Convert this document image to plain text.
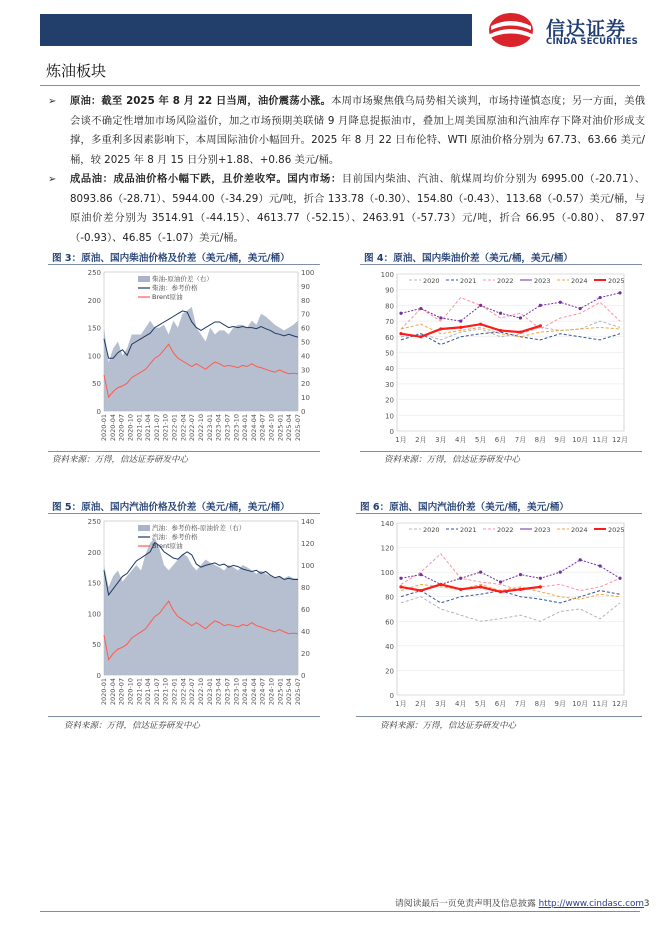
信达证券
CINDA SECURITIES
炼油板块
➢ 原油：截至 2025 年 8 月 22 日当周，油价震荡小涨。本周市场聚焦俄乌局势相关谈判，市场持谨慎态度；另一方面，美俄会谈不确定性增加市场风险溢价，加之市场预期美联储 9 月降息提振油市，叠加上周美国原油和汽油库存下降对油价形成支撑，多重利多因素影响下，本周国际油价小幅回升。2025 年 8 月 22 日布伦特、WTI 原油价格分别为 67.73、63.66 美元/桶，较 2025 年 8 月 15 日分别+1.88、+0.86 美元/桶。
➢ 成品油：成品油价格小幅下跌，且价差收窄。国内市场：目前国内柴油、汽油、航煤周均价分别为 6995.00（-20.71）、8093.86（-28.71）、5944.00（-34.29）元/吨，折合 133.78（-0.30）、154.80（-0.43）、113.68（-0.57）美元/桶，与原油价差分别为 3514.91（-44.15）、4613.77（-52.15）、2463.91（-57.73）元/吨，折合 66.95（-0.80）、 87.97（-0.93）、46.85（-1.07）美元/桶。
图 3：原油、国内柴油价格及价差（美元/桶，美元/桶）	图 4：原油、国内柴油价差（美元/桶，美元/桶）
0
50
100
150
200
250
0
10
20
30
40
50
60
70
80
90
100
柴油-原油价差（右）
柴油：参考价格
Brent原油
2020-01 2020-04 2020-07 2020-10 2021-01 2021-04 2021-07 2021-10 2022-01 2022-04 2022-07 2022-10 2023-01 2023-04 2023-07 2023-10 2024-01 2024-04 2024-07 2024-10 2025-01 2025-04 2025-07	0
10
20
30
40
50
60
70
80
90
100
1月 2月 3月 4月 5月 6月 7月 8月 9月 10月 11月 12月
2020	2021	2022	2023	2024	2025
资料来源：万得，信达证券研发中心	资料来源：万得，信达证券研发中心
图 5：原油、国内汽油价格及价差（美元/桶，美元/桶）	图 6：原油、国内汽油价差（美元/桶，美元/桶）
0
50
100
150
200
250
0
20
40
60
80
100
120
140
汽油：参考价格-原油价差（右）
汽油：参考价格
Brent原油
2020-01 2020-04 2020-07 2020-10 2021-01 2021-04 2021-07 2021-10 2022-01 2022-04 2022-07 2022-10 2023-01 2023-04 2023-07 2023-10 2024-01 2024-04 2024-07 2024-10 2025-01 2025-04 2025-07	0
20
40
60
80
100
120
140
1月 2月 3月 4月 5月 6月 7月 8月 9月 10月 11月 12月
2020	2021	2022	2023	2024	2025
资料来源：万得，信达证券研发中心	资料来源：万得，信达证券研发中心
请阅读最后一页免责声明及信息披露 http://www.cindasc.com3
